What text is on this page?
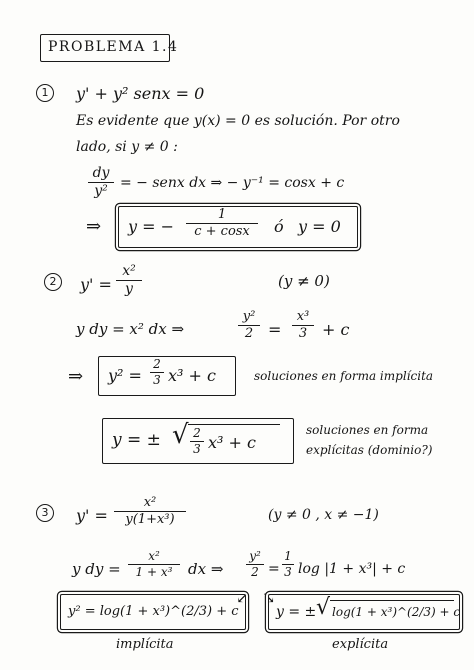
PROBLEMA 1.4
1	y' + y² senx = 0
Es evidente que y(x) = 0 es solución. Por otro
lado, si y ≠ 0 :
dy
y²
= − senx dx ⇒ − y⁻¹ = cosx + c
⇒ y = −
1
c + cosx	ó y = 0
2	y' =
x²
y	(y ≠ 0)
y dy = x² dx ⇒
y²
2 =
x³
3 + c
⇒ y² =
2
3 x³ + c	soluciones en forma implícita
y = ± √ 2
3 x³ + c
soluciones en forma
explícitas (dominio?)
3	y' =
x²
y(1+x³)	(y ≠ 0 , x ≠ −1)
y dy =
x²
1 + x³	dx ⇒
y²
2 =
1
3 log |1 + x³| + c
↙ ↘
y² = log(1 + x³)^(2/3) + c
implícita
y = ± √ log(1 + x³)^(2/3) + c
explícita
